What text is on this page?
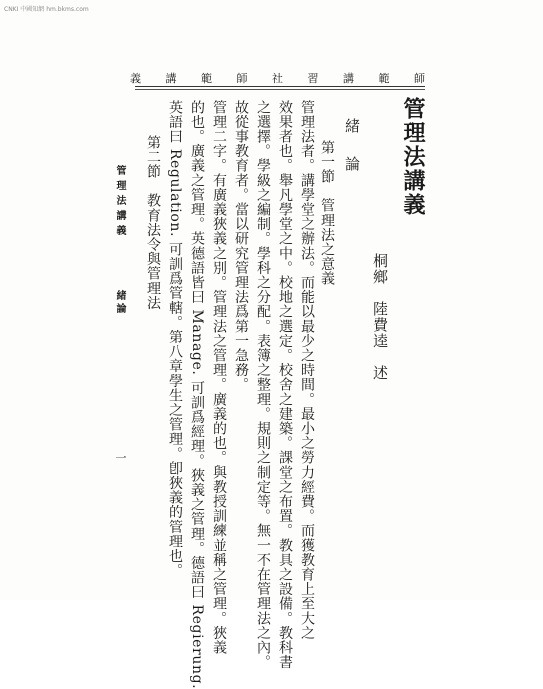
CNKI 中國知網 hm.bkms.com
義 講 範 師 社 習 講 範 師
管理法講義
桐鄉　陸費逵　述
緒　論
第一節　管理法之意義
管理法者。講學堂之辦法。而能以最少之時間。最小之勞力經費。而獲教育上至大之
效果者也。舉凡學堂之中。校地之選定。校舍之建築。課堂之布置。教具之設備。教科書
之選擇。學級之編制。學科之分配。表簿之整理。規則之制定等。無一不在管理法之內。
故從事教育者。當以研究管理法爲第一急務。
管理二字。有廣義狹義之別。管理法之管理。廣義的也。與教授訓練並稱之管理。狹義
的也。廣義之管理。英德語皆曰 Manage. 可訓爲經理。狹義之管理。德語曰 Regierung.
英語曰 Regulation. 可訓爲管轄。第八章學生之管理。卽狹義的管理也。
第二節　教育法令與管理法
管理法講義
緒論
一
